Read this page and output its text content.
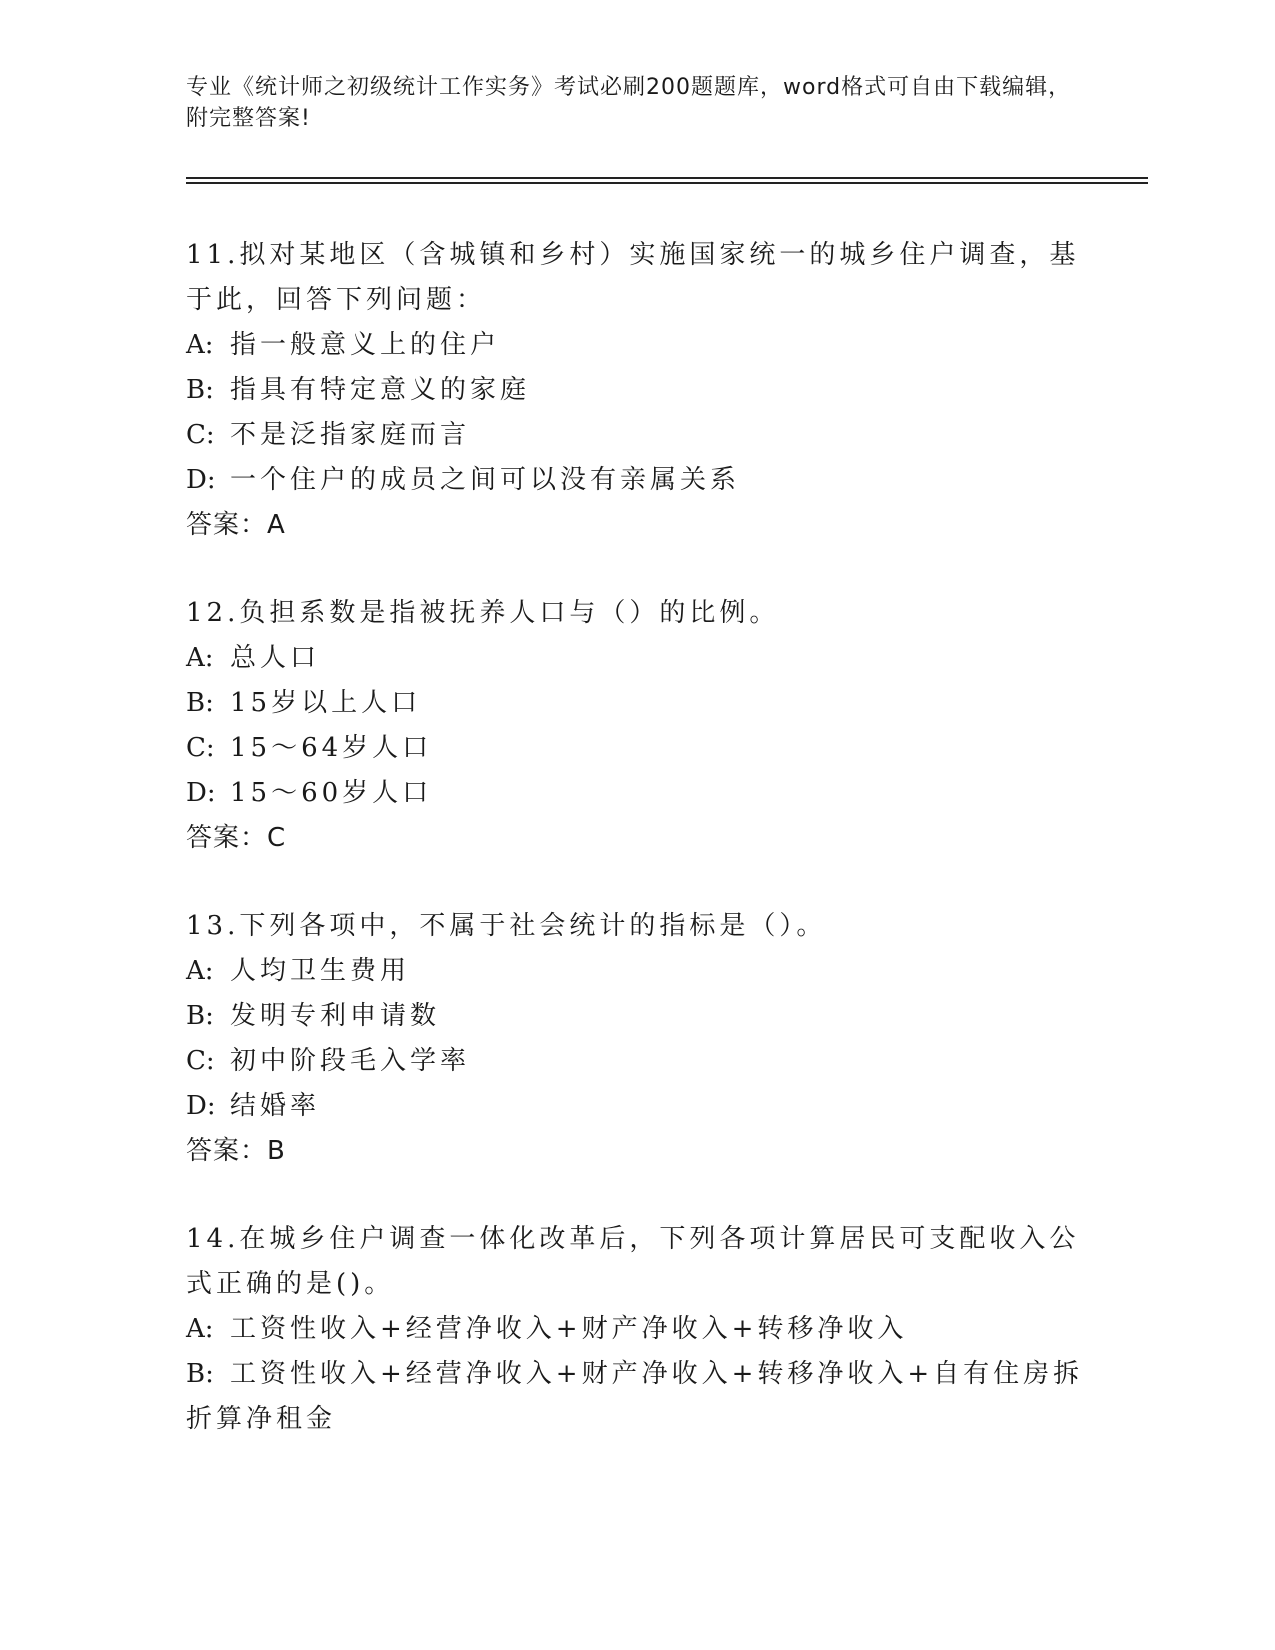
专业《统计师之初级统计工作实务》考试必刷200题题库，word格式可自由下载编辑，附完整答案!
11.拟对某地区（含城镇和乡村）实施国家统一的城乡住户调查，基于此，回答下列问题：
A: 指一般意义上的住户
B: 指具有特定意义的家庭
C: 不是泛指家庭而言
D: 一个住户的成员之间可以没有亲属关系
答案：A
12.负担系数是指被抚养人口与（）的比例。
A: 总人口
B: 15岁以上人口
C: 15～64岁人口
D: 15～60岁人口
答案：C
13.下列各项中，不属于社会统计的指标是（）。
A: 人均卫生费用
B: 发明专利申请数
C: 初中阶段毛入学率
D: 结婚率
答案：B
14.在城乡住户调查一体化改革后，下列各项计算居民可支配收入公式正确的是()。
A: 工资性收入+经营净收入+财产净收入+转移净收入
B: 工资性收入+经营净收入+财产净收入+转移净收入+自有住房拆折算净租金
